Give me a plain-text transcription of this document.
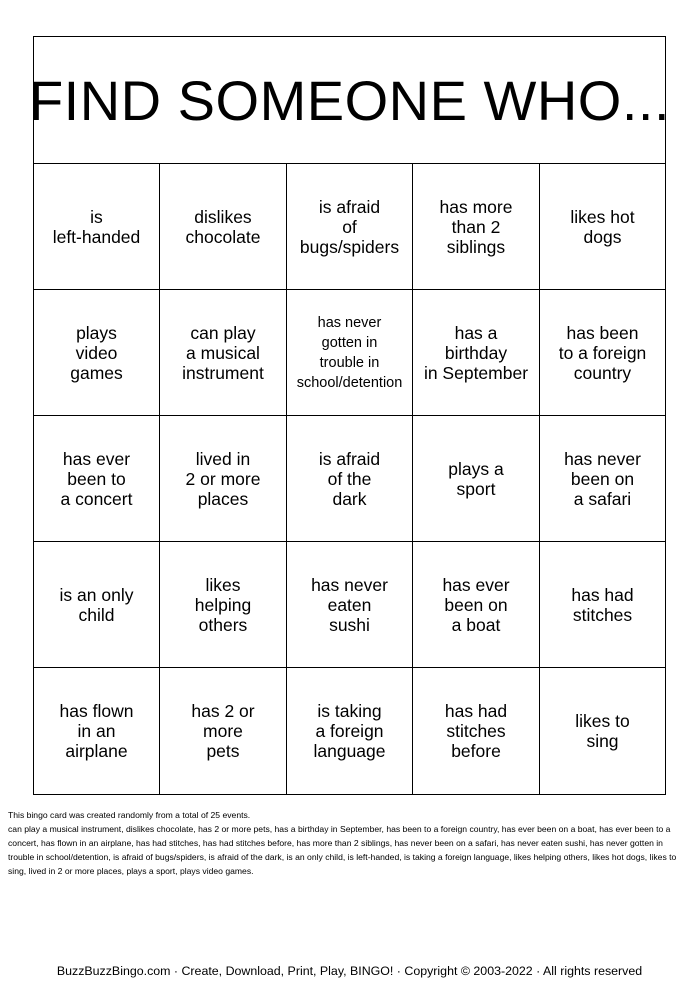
FIND SOMEONE WHO...
is
left-handed
dislikes
chocolate
is afraid
of
bugs/spiders
has more
than 2
siblings
likes hot
dogs
plays
video
games
can play
a musical
instrument
has never
gotten in
trouble in
school/detention
has a
birthday
in September
has been
to a foreign
country
has ever
been to
a concert
lived in
2 or more
places
is afraid
of the
dark
plays a
sport
has never
been on
a safari
is an only
child
likes
helping
others
has never
eaten
sushi
has ever
been on
a boat
has had
stitches
has flown
in an
airplane
has 2 or
more
pets
is taking
a foreign
language
has had
stitches
before
likes to
sing

This bingo card was created randomly from a total of 25 events.

can play a musical instrument, dislikes chocolate, has 2 or more pets, has a birthday in September, has been to a foreign country, has ever been on a boat, has ever been to a concert, has flown in an airplane, has had stitches, has had stitches before, has more than 2 siblings, has never been on a safari, has never eaten sushi, has never gotten in trouble in school/detention, is afraid of bugs/spiders, is afraid of the dark, is an only child, is left-handed, is taking a foreign language, likes helping others, likes hot dogs, likes to sing, lived in 2 or more places, plays a sport, plays video games.

BuzzBuzzBingo.com · Create, Download, Print, Play, BINGO! · Copyright © 2003-2022 · All rights reserved
